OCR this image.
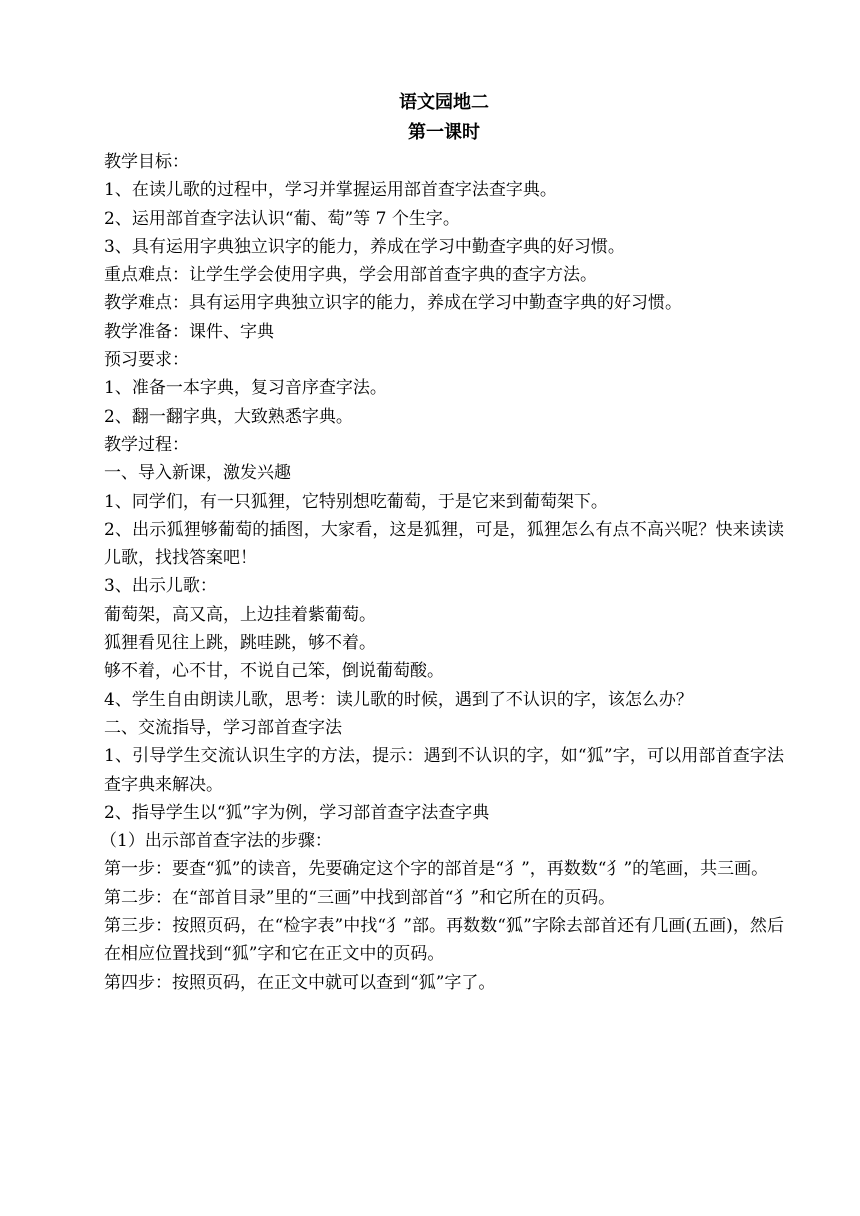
语文园地二

第一课时

教学目标：

1、在读儿歌的过程中，学习并掌握运用部首查字法查字典。

2、运用部首查字法认识“葡、萄”等 7 个生字。

3、具有运用字典独立识字的能力，养成在学习中勤查字典的好习惯。

重点难点：让学生学会使用字典，学会用部首查字典的查字方法。

教学难点：具有运用字典独立识字的能力，养成在学习中勤查字典的好习惯。

教学准备：课件、字典

预习要求：

1、准备一本字典，复习音序查字法。

2、翻一翻字典，大致熟悉字典。

教学过程：

一、导入新课，激发兴趣

1、同学们，有一只狐狸，它特别想吃葡萄，于是它来到葡萄架下。

2、出示狐狸够葡萄的插图，大家看，这是狐狸，可是，狐狸怎么有点不高兴呢？快来读读儿歌，找找答案吧！

3、出示儿歌：

葡萄架，高又高，上边挂着紫葡萄。

狐狸看见往上跳，跳哇跳，够不着。

够不着，心不甘，不说自己笨，倒说葡萄酸。

4、学生自由朗读儿歌，思考：读儿歌的时候，遇到了不认识的字，该怎么办？

二、交流指导，学习部首查字法

1、引导学生交流认识生字的方法，提示：遇到不认识的字，如“狐”字，可以用部首查字法查字典来解决。

2、指导学生以“狐”字为例，学习部首查字法查字典

（1）出示部首查字法的步骤：

第一步：要查“狐”的读音，先要确定这个字的部首是“犭”，再数数“犭”的笔画，共三画。

第二步：在“部首目录”里的“三画”中找到部首“犭”和它所在的页码。

第三步：按照页码，在“检字表”中找“犭”部。再数数“狐”字除去部首还有几画(五画)，然后在相应位置找到“狐”字和它在正文中的页码。

第四步：按照页码，在正文中就可以查到“狐”字了。
